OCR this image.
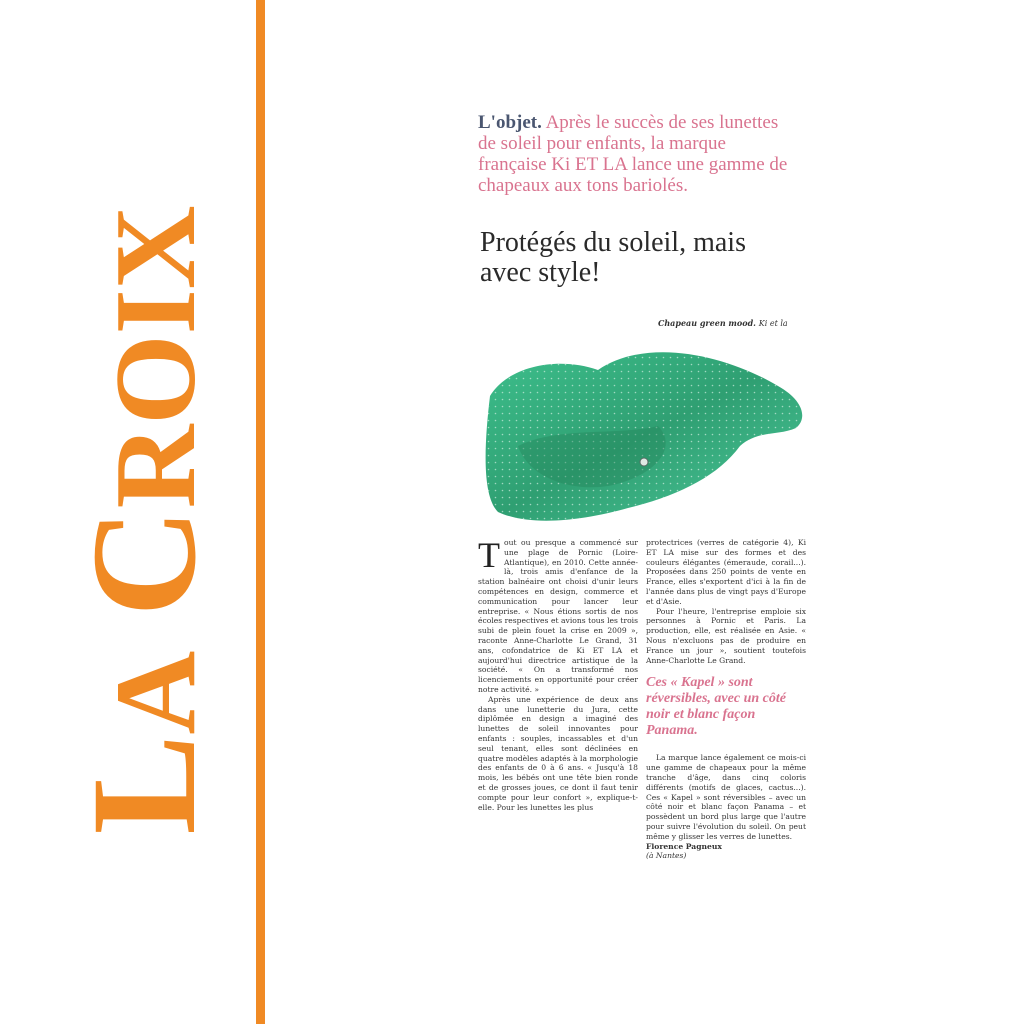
LACROIX
L'objet. Après le succès de ses lunettes de soleil pour enfants, la marque française Ki ET LA lance une gamme de chapeaux aux tons bariolés.
Protégés du soleil, mais avec style!
Chapeau green mood. Ki et la
T out ou presque a commencé sur une plage de Pornic (Loire-Atlantique), en 2010. Cette année-là, trois amis d'enfance de la station balnéaire ont choisi d'unir leurs compétences en design, commerce et communication pour lancer leur entreprise. « Nous étions sortis de nos écoles respectives et avions tous les trois subi de plein fouet la crise en 2009 », raconte Anne-Charlotte Le Grand, 31 ans, cofondatrice de Ki ET LA et aujourd'hui directrice artistique de la société. « On a transformé nos licenciements en opportunité pour créer notre activité. »

Après une expérience de deux ans dans une lunetterie du Jura, cette diplômée en design a imaginé des lunettes de soleil innovantes pour enfants : souples, incassables et d'un seul tenant, elles sont déclinées en quatre modèles adaptés à la morphologie des enfants de 0 à 6 ans. « Jusqu'à 18 mois, les bébés ont une tête bien ronde et de grosses joues, ce dont il faut tenir compte pour leur confort », explique-t-elle. Pour les lunettes les plus

protectrices (verres de catégorie 4), Ki ET LA mise sur des formes et des couleurs élégantes (émeraude, corail...). Proposées dans 250 points de vente en France, elles s'exportent d'ici à la fin de l'année dans plus de vingt pays d'Europe et d'Asie.

Pour l'heure, l'entreprise emploie six personnes à Pornic et Paris. La production, elle, est réalisée en Asie. « Nous n'excluons pas de produire en France un jour », soutient toutefois Anne-Charlotte Le Grand.

Ces « Kapel » sont réversibles, avec un côté noir et blanc façon Panama.

La marque lance également ce mois-ci une gamme de chapeaux pour la même tranche d'âge, dans cinq coloris différents (motifs de glaces, cactus...). Ces « Kapel » sont réversibles – avec un côté noir et blanc façon Panama – et possèdent un bord plus large que l'autre pour suivre l'évolution du soleil. On peut même y glisser les verres de lunettes.

Florence Pagneux

(à Nantes)
